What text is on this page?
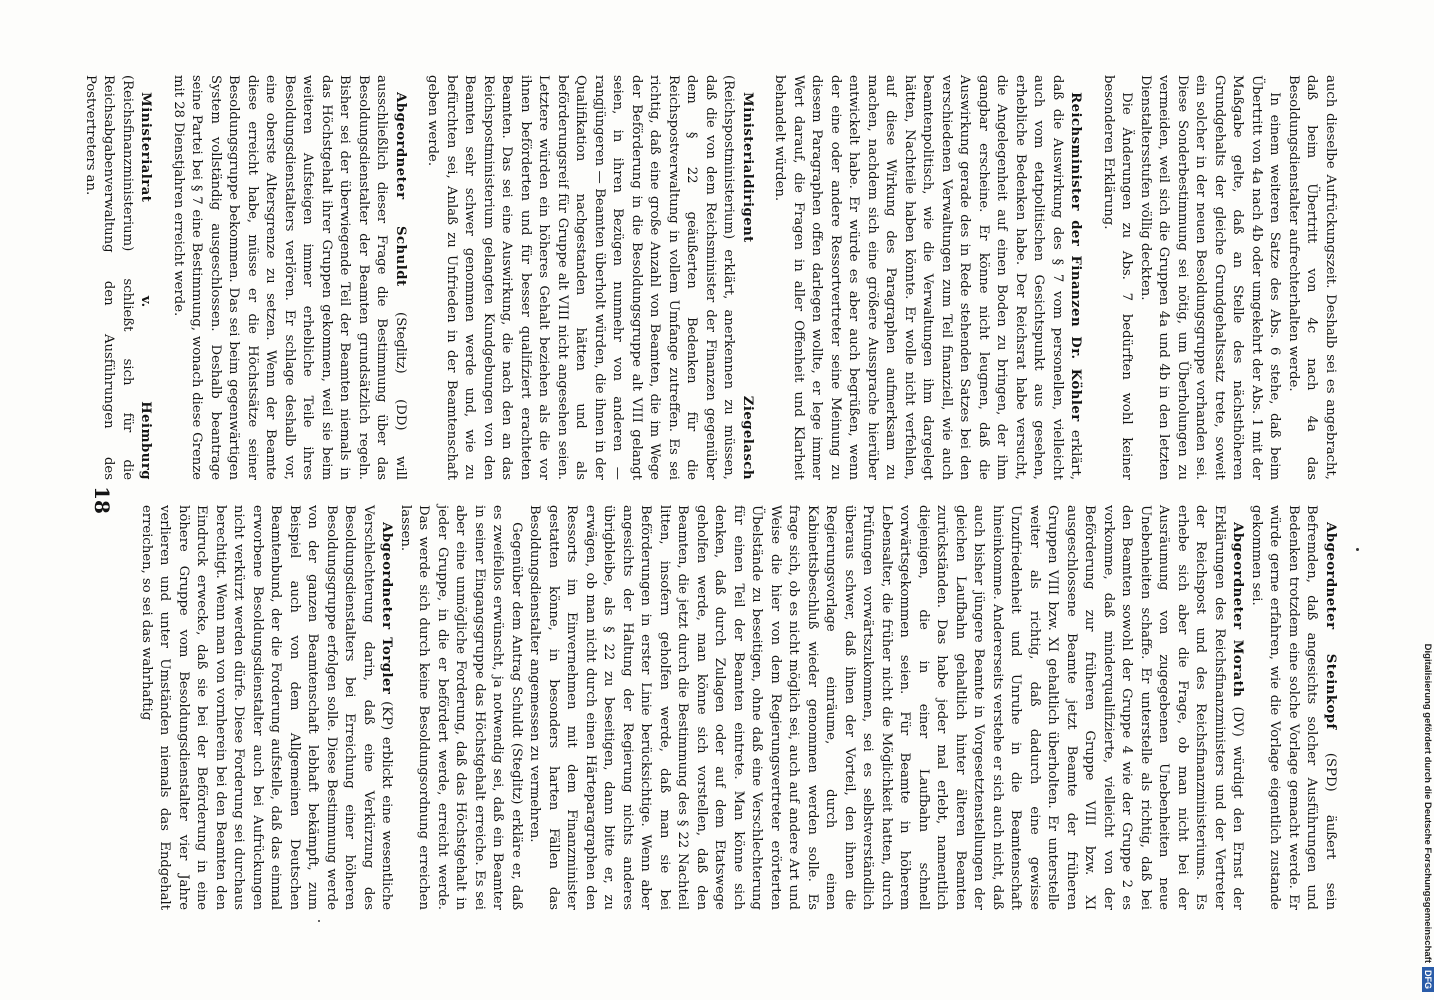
18

auch dieselbe Aufrückungszeit. Deshalb sei es angebracht, daß beim Übertritt von 4c nach 4a das Besoldungsdienstalter aufrechterhalten werde.

In einem weiteren Satze des Abs. 6 stehe, daß beim Übertritt von 4a nach 4b oder umgekehrt der Abs. 1 mit der Maßgabe gelte, daß an Stelle des nächsthöheren Grundgehalts der gleiche Grundgehaltssatz trete, soweit ein solcher in der neuen Besoldungsgruppe vorhanden sei. Diese Sonderbestimmung sei nötig, um Überholungen zu vermeiden, weil sich die Gruppen 4a und 4b in den letzten Dienstaltersstufen völlig deckten.

Die Änderungen zu Abs. 7 bedürften wohl keiner besonderen Erklärung.

Reichsminister der Finanzen Dr. Köhler erklärt, daß die Auswirkung des § 7 vom personellen, vielleicht auch vom etatpolitischen Gesichtspunkt aus gesehen, erhebliche Bedenken habe. Der Reichsrat habe versucht, die Angelegenheit auf einen Boden zu bringen, der ihm gangbar erscheine. Er könne nicht leugnen, daß die Auswirkung gerade des in Rede stehenden Satzes bei den verschiedenen Verwaltungen zum Teil finanziell, wie auch beamtenpolitisch, wie die Verwaltungen ihm dargelegt hätten, Nachteile haben könnte. Er wolle nicht verfehlen, auf diese Wirkung des Paragraphen aufmerksam zu machen, nachdem sich eine größere Aussprache hierüber entwickelt habe. Er würde es aber auch begrüßen, wenn der eine oder andere Ressortvertreter seine Meinung zu diesem Paragraphen offen darlegen wollte, er lege immer Wert darauf, die Fragen in aller Offenheit und Klarheit behandelt würden.

Ministerialdirigent Ziegelasch (Reichspostministerium) erklärt, anerkennen zu müssen, daß die von dem Reichsminister der Finanzen gegenüber dem § 22 geäußerten Bedenken für die Reichspostverwaltung in vollem Umfange zutreffen. Es sei richtig, daß eine große Anzahl von Beamten, die im Wege der Beförderung in die Besoldungsgruppe alt VIII gelangt seien, in ihren Bezügen nunmehr von anderen — rangjüngeren — Beamten überholt würden, die ihnen in der Qualifikation nachgestanden hätten und als beförderungsreif für Gruppe alt VIII nicht angesehen seien. Letztere würden ein höheres Gehalt beziehen als die vor ihnen beförderten und für besser qualifiziert erachteten Beamten. Das sei eine Auswirkung, die nach den an das Reichspostministerium gelangten Kundgebungen von den Beamten sehr schwer genommen werde und, wie zu befürchten sei, Anlaß zu Unfrieden in der Beamtenschaft geben werde.

Abgeordneter Schuldt (Steglitz) (DD) will ausschließlich dieser Frage die Bestimmung über das Besoldungsdienstalter der Beamten grundsätzlich regeln. Bisher sei der überwiegende Teil der Beamten niemals in das Höchstgehalt ihrer Gruppen gekommen, weil sie beim weiteren Aufsteigen immer erhebliche Teile ihres Besoldungsdienstalters verlören. Er schlage deshalb vor, eine oberste Altersgrenze zu setzen. Wenn der Beamte diese erreicht habe, müsse er die Höchstsätze seiner Besoldungsgruppe bekommen. Das sei beim gegenwärtigen System vollständig ausgeschlossen. Deshalb beantrage seine Partei bei § 7 eine Bestimmung, wonach diese Grenze mit 28 Dienstjahren erreicht werde.

Ministerialrat v. Heimburg (Reichsfinanzministerium) schließt sich für die Reichsabgabenverwaltung den Ausführungen des Postvertreters an.

Abgeordneter Steinkopf (SPD) äußert sein Befremden, daß angesichts solcher Ausführungen und Bedenken trotzdem eine solche Vorlage gemacht werde. Er würde gerne erfahren, wie die Vorlage eigentlich zustande gekommen sei.

Abgeordneter Morath (DV) würdigt den Ernst der Erklärungen des Reichsfinanzministers und der Vertreter der Reichspost und des Reichsfinanzministeriums. Es erhebe sich aber die Frage, ob man nicht bei der Ausräumung von zugegebenen Unebenheiten neue Unebenheiten schaffe. Er unterstelle als richtig, daß bei den Beamten sowohl der Gruppe 4 wie der Gruppe 2 es vorkomme, daß minderqualifizierte, vielleicht von der Beförderung zur früheren Gruppe VIII bzw. XI ausgeschlossene Beamte jetzt Beamte der früheren Gruppen VIII bzw. XI gehaltlich überholten. Er unterstelle weiter als richtig, daß dadurch eine gewisse Unzufriedenheit und Unruhe in die Beamtenschaft hineinkomme. Andererseits verstehe er sich auch nicht, daß auch bisher jüngere Beamte in Vorgesetztenstellungen der gleichen Laufbahn gehaltlich hinter älteren Beamten zurückständen. Das habe jeder mal erlebt, namentlich diejenigen, die in einer Laufbahn schnell vorwärtsgekommen seien. Für Beamte in höherem Lebensalter, die früher nicht die Möglichkeit hatten, durch Prüfungen vorwärtszukommen, sei es selbstverständlich überaus schwer, daß ihnen der Vorteil, den ihnen die Regierungsvorlage einräume, durch einen Kabinettsbeschluß wieder genommen werden solle. Es frage sich, ob es nicht möglich sei, auch auf andere Art und Weise die hier von dem Regierungsvertreter erörterten Übelstände zu beseitigen, ohne daß eine Verschlechterung für einen Teil der Beamten eintrete. Man könne sich denken, daß durch Zulagen oder auf dem Etatswege geholfen werde, man könne sich vorstellen, daß den Beamten, die jetzt durch die Bestimmung des § 22 Nachteil litten, insofern geholfen werde, daß man sie bei Beförderungen in erster Linie berücksichtige. Wenn aber angesichts der Haltung der Regierung nichts anderes übrigbleibe, als § 22 zu beseitigen, dann bitte er, zu erwägen, ob man nicht durch einen Härteparagraphen den Ressorts im Einvernehmen mit dem Finanzminister gestatten könne, in besonders harten Fällen das Besoldungsdienstalter angemessen zu vermehren.

Gegenüber dem Antrag Schuldt (Steglitz) erkläre er, daß es zweifellos erwünscht, ja notwendig sei, daß ein Beamter in seiner Eingangsgruppe das Höchstgehalt erreiche. Es sei aber eine unmögliche Forderung, daß das Höchstgehalt in jeder Gruppe, in die er befördert werde, erreicht werde. Das werde sich durch keine Besoldungsordnung erreichen lassen.

Abgeordneter Torgler (KP) erblickt eine wesentliche Verschlechterung darin, daß eine Verkürzung des Besoldungsdienstalters bei Erreichung einer höheren Besoldungsgruppe erfolgen solle. Diese Bestimmung werde von der ganzen Beamtenschaft lebhaft bekämpft, zum Beispiel auch von dem Allgemeinen Deutschen Beamtenbund, der die Forderung aufstelle, daß das einmal erworbene Besoldungsdienstalter auch bei Aufrückungen nicht verkürzt werden dürfe. Diese Forderung sei durchaus berechtigt. Wenn man von vornherein bei den Beamten den Eindruck erwecke, daß sie bei der Beförderung in eine höhere Gruppe vom Besoldungsdienstalter vier Jahre verlieren und unter Umständen niemals das Endgehalt erreichen, so sei das wahrhaftig

Digitalisierung gefördert durch die Deutsche ForschungsgemeinschaftDFG
